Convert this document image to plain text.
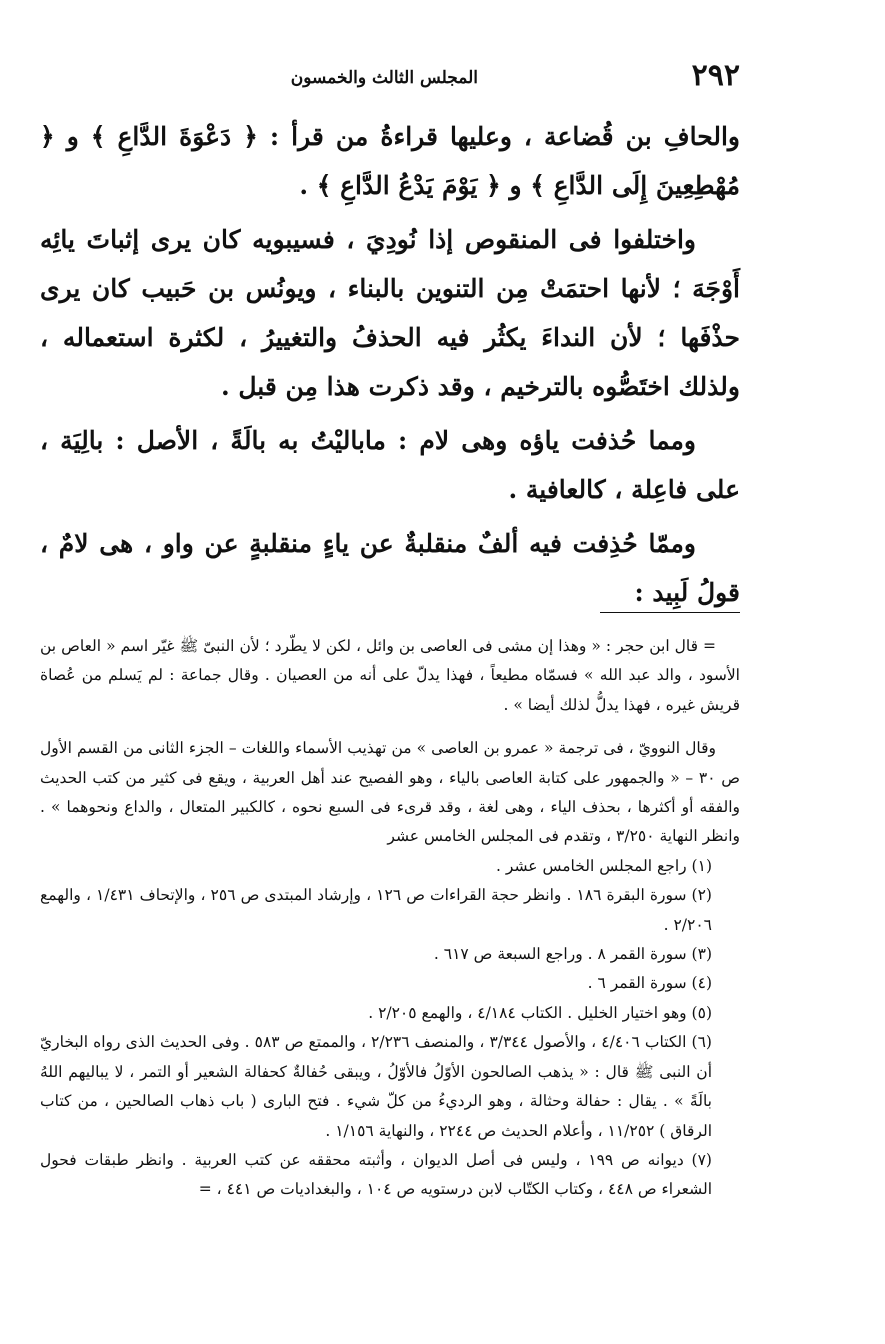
٢٩٢
المجلس الثالث والخمسون

والحافِ بن قُضاعة ، وعليها قراءةُ من قرأ : ﴿ دَعْوَةَ الدَّاعِ ﴾ و ﴿ مُهْطِعِينَ إِلَى الدَّاعِ ﴾ و ﴿ يَوْمَ يَدْعُ الدَّاعِ ﴾ .

واختلفوا فى المنقوص إذا نُودِيَ ، فسيبويه كان يرى إثباتَ يائِه أَوْجَهَ ؛ لأنها احتمَتْ مِن التنوين بالبناء ، ويونُس بن حَبيب كان يرى حذْفَها ؛ لأن النداءَ يكثُر فيه الحذفُ والتغييرُ ، لكثرة استعماله ، ولذلك اختَصُّوه بالترخيم ، وقد ذكرت هذا مِن قبل .

ومما حُذفت ياؤه وهى لام : ماباليْتُ به بالَةً ، الأصل : بالِيَة ، على فاعِلة ، كالعافية .

وممّا حُذِفت فيه ألفٌ منقلبةٌ عن ياءٍ منقلبةٍ عن واو ، هى لامٌ ، قولُ لَبِيد :

= قال ابن حجر : « وهذا إن مشى فى العاصى بن وائل ، لكن لا يطّرد ؛ لأن النبىّ ﷺ غيّر اسم « العاص بن الأسود ، والد عبد الله » فسمّاه مطيعاً ، فهذا يدلّ على أنه من العصيان . وقال جماعة : لم يَسلم من عُصاة قريش غيره ، فهذا يدلُّ لذلك أيضا » .

وقال النوويّ ، فى ترجمة « عمرو بن العاصى » من تهذيب الأسماء واللغات – الجزء الثانى من القسم الأول ص ٣٠ – « والجمهور على كتابة العاصى بالياء ، وهو الفصيح عند أهل العربية ، ويقع فى كثير من كتب الحديث والفقه أو أكثرها ، بحذف الياء ، وهى لغة ، وقد قرىء فى السبع نحوه ، كالكبير المتعال ، والداع ونحوهما » . وانظر النهاية ٣/٢٥٠ ، وتقدم فى المجلس الخامس عشر

(١) راجع المجلس الخامس عشر .

(٢) سورة البقرة ١٨٦ . وانظر حجة القراءات ص ١٢٦ ، وإرشاد المبتدى ص ٢٥٦ ، والإتحاف ١/٤٣١ ، والهمع ٢/٢٠٦ .

(٣) سورة القمر ٨ . وراجع السبعة ص ٦١٧ .

(٤) سورة القمر ٦ .

(٥) وهو اختيار الخليل . الكتاب ٤/١٨٤ ، والهمع ٢/٢٠٥ .

(٦) الكتاب ٤/٤٠٦ ، والأصول ٣/٣٤٤ ، والمنصف ٢/٢٣٦ ، والممتع ص ٥٨٣ . وفى الحديث الذى رواه البخاريّ أن النبى ﷺ قال : « يذهب الصالحون الأوّلُ فالأوّلُ ، ويبقى حُفالةٌ كحفالة الشعير أو التمر ، لا يباليهم اللهُ بالَةً » . يقال : حفالة وحثالة ، وهو الرديءُ من كلّ شيء . فتح البارى ( باب ذهاب الصالحين ، من كتاب الرقاق ) ١١/٢٥٢ ، وأعلام الحديث ص ٢٢٤٤ ، والنهاية ١/١٥٦ .

(٧) ديوانه ص ١٩٩ ، وليس فى أصل الديوان ، وأثبته محققه عن كتب العربية . وانظر طبقات فحول الشعراء ص ٤٤٨ ، وكتاب الكتّاب لابن درستويه ص ١٠٤ ، والبغداديات ص ٤٤١ ، =
